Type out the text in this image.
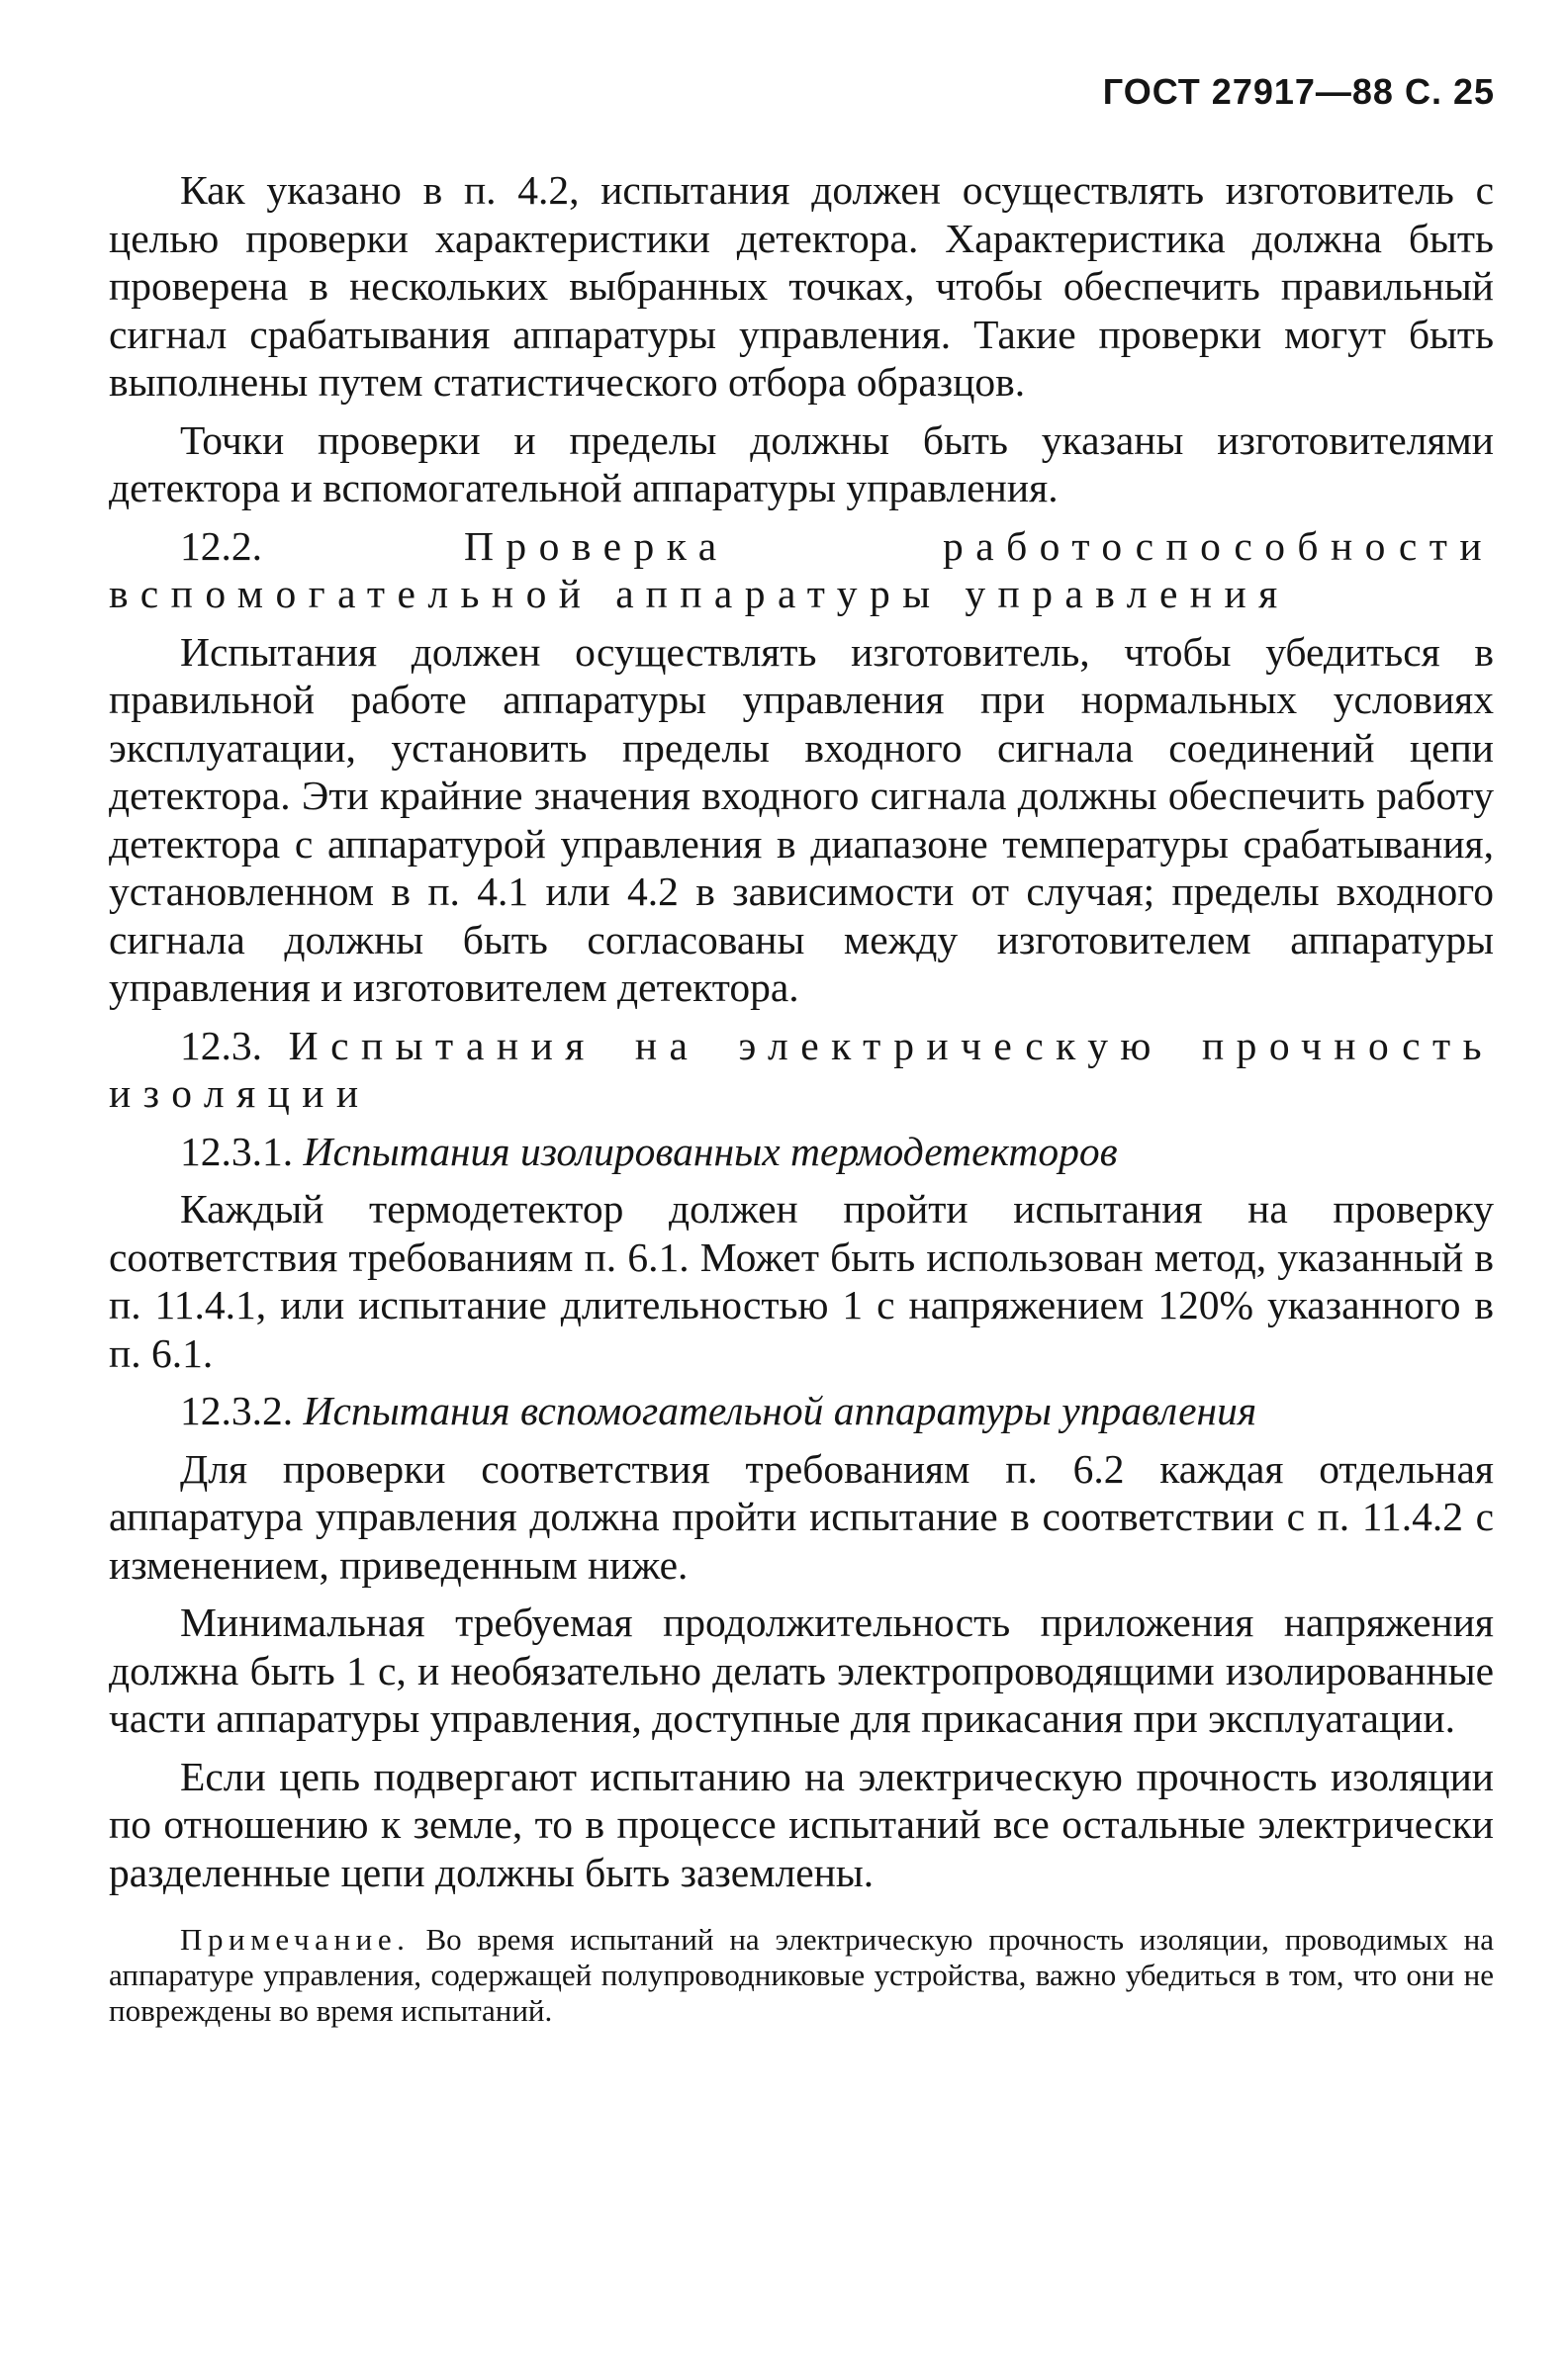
ГОСТ 27917—88 С. 25

Как указано в п. 4.2, испытания должен осуществлять изготовитель с целью проверки характеристики детектора. Характеристика должна быть проверена в нескольких выбранных точках, чтобы обеспечить правильный сигнал срабатывания аппаратуры управления. Такие проверки могут быть выполнены путем статистического отбора образцов.

Точки проверки и пределы должны быть указаны изготовителями детектора и вспомогательной аппаратуры управления.

12.2.	Проверка работоспособности вспомогательной аппаратуры управления

Испытания должен осуществлять изготовитель, чтобы убедиться в правильной работе аппаратуры управления при нормальных условиях эксплуатации, установить пределы входного сигнала соединений цепи детектора. Эти крайние значения входного сигнала должны обеспечить работу детектора с аппаратурой управления в диапазоне температуры срабатывания, установленном в п. 4.1 или 4.2 в зависимости от случая; пределы входного сигнала должны быть согласованы между изготовителем аппаратуры управления и изготовителем детектора.

12.3. Испытания на электрическую прочность изоляции

12.3.1. Испытания изолированных термодетекторов

Каждый термодетектор должен пройти испытания на проверку соответствия требованиям п. 6.1. Может быть использован метод, указанный в п. 11.4.1, или испытание длительностью 1 с напряжением 120% указанного в п. 6.1.

12.3.2. Испытания вспомогательной аппаратуры управления

Для проверки соответствия требованиям п. 6.2 каждая отдельная аппаратура управления должна пройти испытание в соответствии с п. 11.4.2 с изменением, приведенным ниже.

Минимальная требуемая продолжительность приложения напряжения должна быть 1 с, и необязательно делать электропроводящими изолированные части аппаратуры управления, доступные для прикасания при эксплуатации.

Если цепь подвергают испытанию на электрическую прочность изоляции по отношению к земле, то в процессе испытаний все остальные электрически разделенные цепи должны быть заземлены.

Примечание. Во время испытаний на электрическую прочность изоляции, проводимых на аппаратуре управления, содержащей полупроводниковые устройства, важно убедиться в том, что они не повреждены во время испытаний.
